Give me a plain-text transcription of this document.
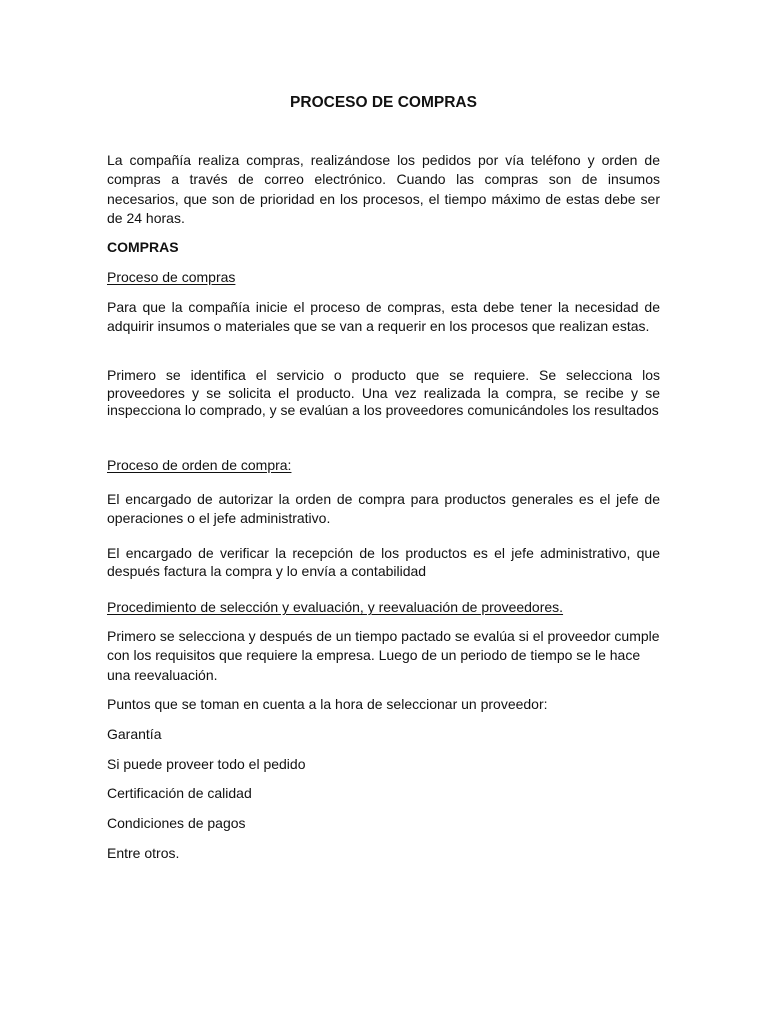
PROCESO DE COMPRAS
La compañía realiza compras, realizándose los pedidos por vía teléfono y orden de compras a través de correo electrónico. Cuando las compras son de insumos necesarios, que son de prioridad en los procesos, el tiempo máximo de estas debe ser de 24 horas.
COMPRAS
Proceso de compras
Para que la compañía inicie el proceso de compras, esta debe tener la necesidad de adquirir insumos o materiales que se van a requerir en los procesos que realizan estas.
Primero se identifica el servicio o producto que se requiere. Se selecciona los proveedores y se solicita el producto. Una vez realizada la compra, se recibe y se inspecciona lo comprado, y se evalúan a los proveedores comunicándoles los resultados
Proceso de orden de compra:
El encargado de autorizar la orden de compra para productos generales es el jefe de operaciones o el jefe administrativo.
El encargado de verificar la recepción de los productos es el jefe administrativo, que después factura la compra y lo envía a contabilidad
Procedimiento de selección y evaluación, y reevaluación de proveedores.
Primero se selecciona y después de un tiempo pactado se evalúa si el proveedor cumple con los requisitos que requiere la empresa. Luego de un periodo de tiempo se le hace una reevaluación.
Puntos que se toman en cuenta a la hora de seleccionar un proveedor:
Garantía
Si puede proveer todo el pedido
Certificación de calidad
Condiciones de pagos
Entre otros.
